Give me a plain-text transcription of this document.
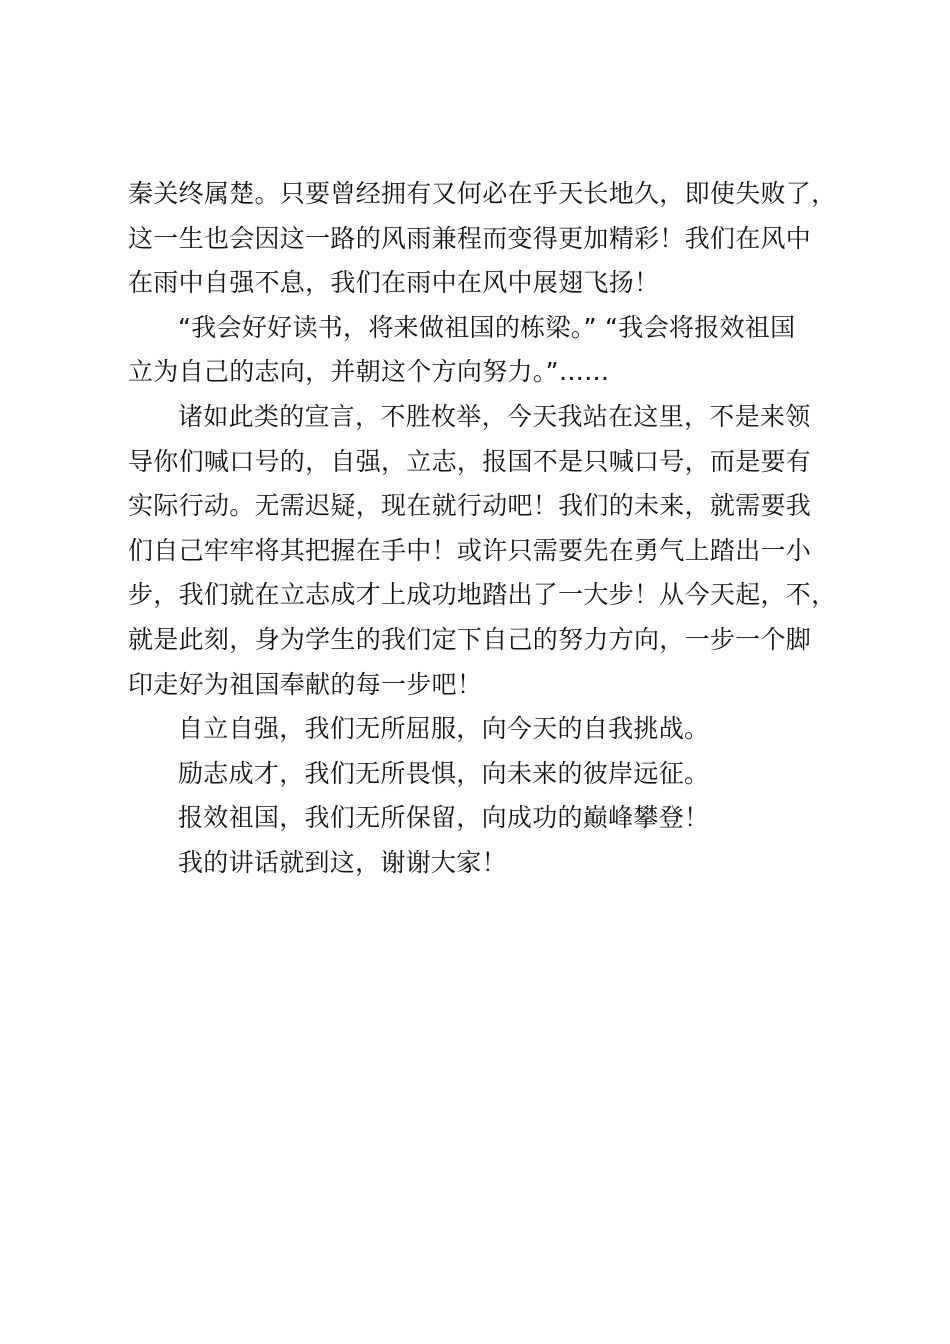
秦关终属楚。只要曾经拥有又何必在乎天长地久，即使失败了，
这一生也会因这一路的风雨兼程而变得更加精彩！我们在风中
在雨中自强不息，我们在雨中在风中展翅飞扬！
“我会好好读书，将来做祖国的栋梁。” “我会将报效祖国
立为自己的志向，并朝这个方向努力。”……
诸如此类的宣言，不胜枚举，今天我站在这里，不是来领
导你们喊口号的，自强，立志，报国不是只喊口号，而是要有
实际行动。无需迟疑，现在就行动吧！我们的未来，就需要我
们自己牢牢将其把握在手中！或许只需要先在勇气上踏出一小
步，我们就在立志成才上成功地踏出了一大步！从今天起，不，
就是此刻，身为学生的我们定下自己的努力方向，一步一个脚
印走好为祖国奉献的每一步吧！
自立自强，我们无所屈服，向今天的自我挑战。
励志成才，我们无所畏惧，向未来的彼岸远征。
报效祖国，我们无所保留，向成功的巅峰攀登！
我的讲话就到这，谢谢大家！
